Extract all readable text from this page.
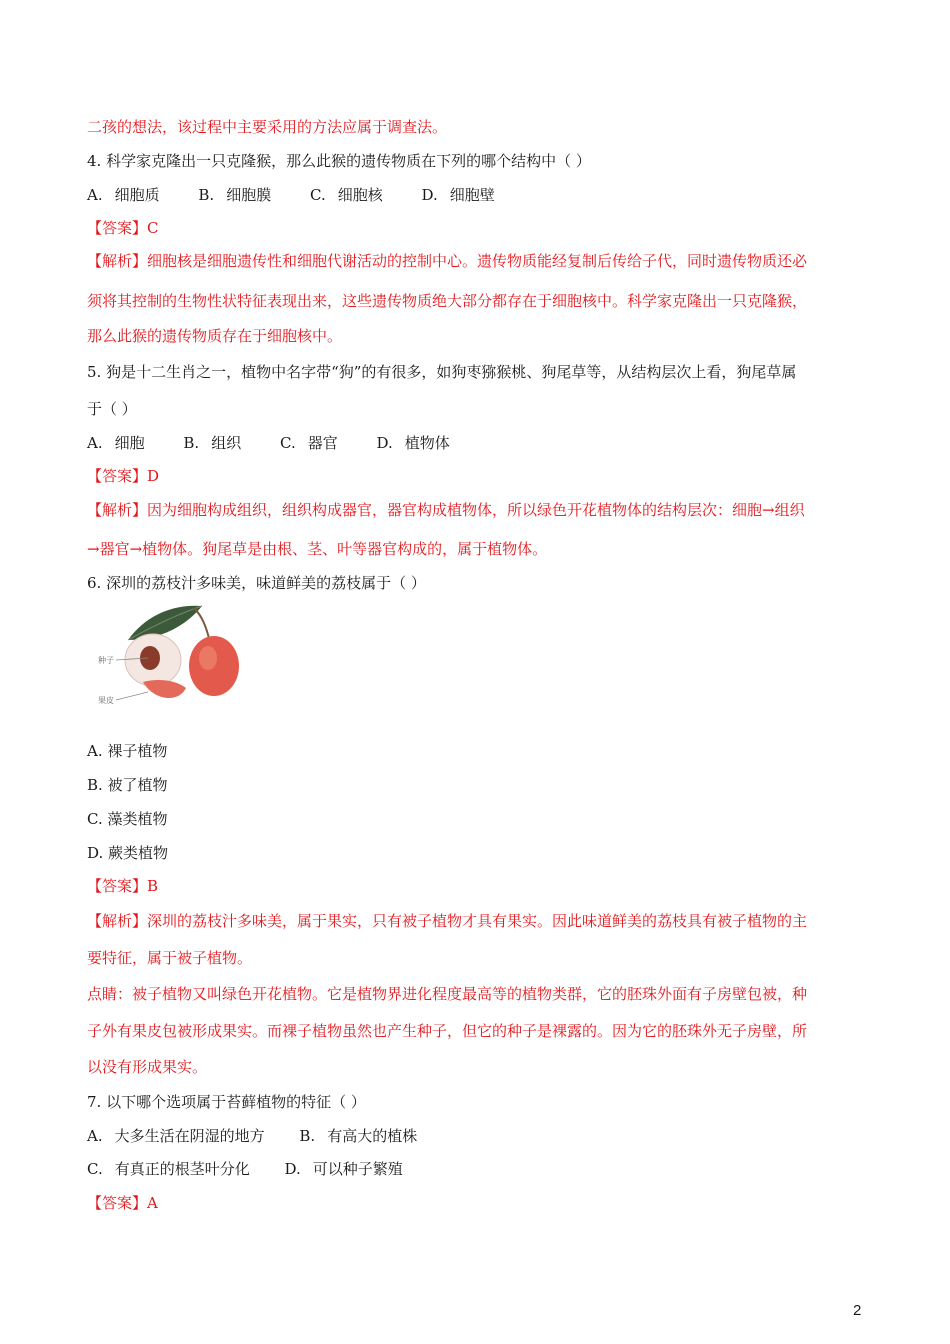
二孩的想法，该过程中主要采用的方法应属于调查法。
4. 科学家克隆出一只克隆猴，那么此猴的遗传物质在下列的哪个结构中（ ）
A. 细胞质	B. 细胞膜	C. 细胞核	D. 细胞壁
【答案】C
【解析】细胞核是细胞遗传性和细胞代谢活动的控制中心。遗传物质能经复制后传给子代，同时遗传物质还必
须将其控制的生物性状特征表现出来，这些遗传物质绝大部分都存在于细胞核中。科学家克隆出一只克隆猴，
那么此猴的遗传物质存在于细胞核中。
5. 狗是十二生肖之一，植物中名字带“狗”的有很多，如狗枣猕猴桃、狗尾草等，从结构层次上看，狗尾草属
于（ ）
A. 细胞	B. 组织	C. 器官	D. 植物体
【答案】D
【解析】因为细胞构成组织，组织构成器官，器官构成植物体，所以绿色开花植物体的结构层次：细胞→组织
→器官→植物体。狗尾草是由根、茎、叶等器官构成的，属于植物体。
6. 深圳的荔枝汁多味美，味道鲜美的荔枝属于（ ）
种子
果皮
A. 裸子植物
B. 被了植物
C. 藻类植物
D. 蕨类植物
【答案】B
【解析】深圳的荔枝汁多味美，属于果实，只有被子植物才具有果实。因此味道鲜美的荔枝具有被子植物的主
要特征，属于被子植物。
点睛：被子植物又叫绿色开花植物。它是植物界进化程度最高等的植物类群，它的胚珠外面有子房壁包被，种
子外有果皮包被形成果实。而裸子植物虽然也产生种子，但它的种子是裸露的。因为它的胚珠外无子房壁，所
以没有形成果实。
7. 以下哪个选项属于苔藓植物的特征（ ）
A. 大多生活在阴湿的地方 B. 有高大的植株
C. 有真正的根茎叶分化 D. 可以种子繁殖
【答案】A
2
